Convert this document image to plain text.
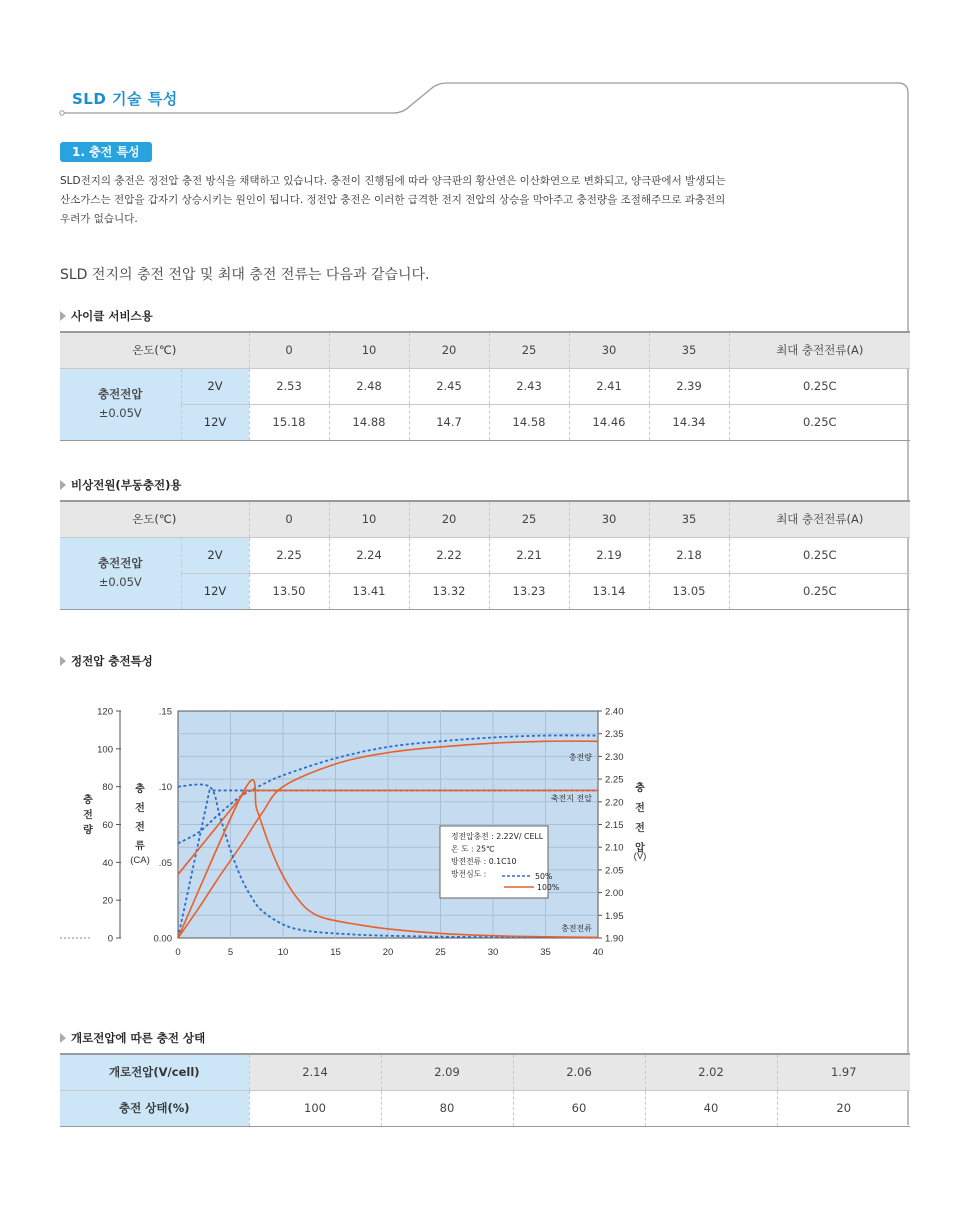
SLD 기술 특성
1. 충전 특성
SLD전지의 충전은 정전압 충전 방식을 채택하고 있습니다. 충전이 진행됨에 따라 양극판의 황산연은 이산화연으로 변화되고, 양극판에서 발생되는
산소가스는 전압을 갑자기 상승시키는 원인이 됩니다. 정전압 충전은 이러한 급격한 전지 전압의 상승을 막아주고 충전량을 조절해주므로 과충전의
우려가 없습니다.
SLD 전지의 충전 전압 및 최대 충전 전류는 다음과 같습니다.
사이클 서비스용
온도(℃)		0	10	20	25	30	35	최대 충전전류(A)
충전전압
±0.05V	2V	2.53	2.48	2.45	2.43	2.41	2.39	0.25C
	12V	15.18	14.88	14.7	14.58	14.46	14.34	0.25C
비상전원(부동충전)용
온도(℃)		0	10	20	25	30	35	최대 충전전류(A)
충전전압
±0.05V	2V	2.25	2.24	2.22	2.21	2.19	2.18	0.25C
	12V	13.50	13.41	13.32	13.23	13.14	13.05	0.25C
정전압 충전특성
0	5	10	15	20	25	30	35	40
120
100
80
60
40
20
0
충
전
량
.15
.10
.05
0.00
충
전
전
류
(CA)
2.40
2.35
2.30
2.25
2.20
2.15
2.10
2.05
2.00
1.95
1.90
충
전
전
압
(V)
충전량
축전지 전압
충전전류
정전압충전 : 2.22V/ CELL
온 도 : 25℃
방전전류 : 0.1C10
방전심도 :	50%
100%
개로전압에 따른 충전 상태
개로전압(V/cell)	2.14	2.09	2.06	2.02	1.97
충전 상태(%)	100	80	60	40	20
